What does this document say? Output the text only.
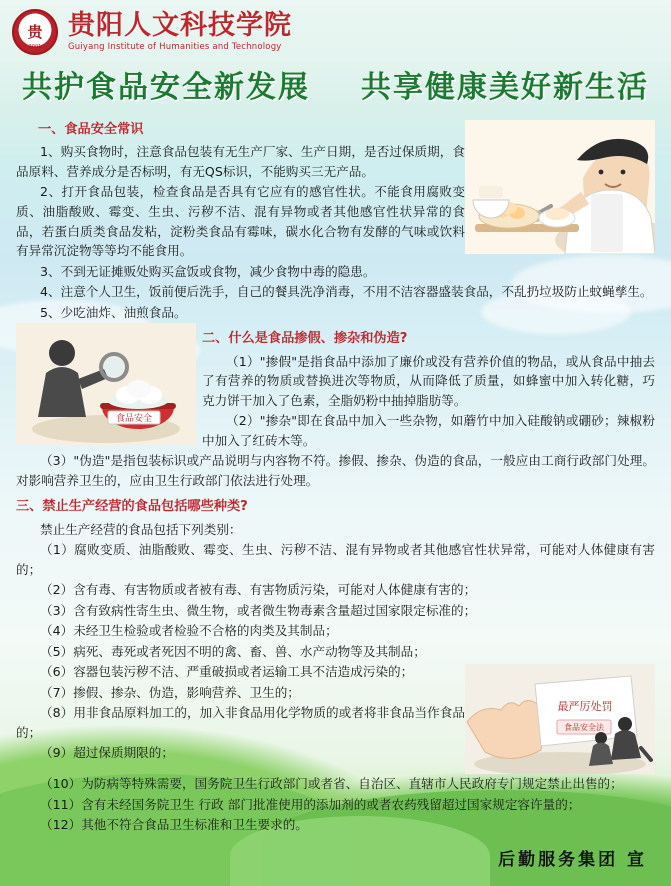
贵
2001
贵阳人文科技学院
Guiyang Institute of Humanities and Technology
共护食品安全新发展 共享健康美好新生活
一、食品安全常识

1、购买食物时，注意食品包装有无生产厂家、生产日期，是否过保质期，食品原料、营养成分是否标明，有无QS标识，不能购买三无产品。

2、打开食品包装，检查食品是否具有它应有的感官性状。不能食用腐败变质、油脂酸败、霉变、生虫、污秽不洁、混有异物或者其他感官性状异常的食品，若蛋白质类食品发粘，淀粉类食品有霉味，碳水化合物有发酵的气味或饮料有异常沉淀物等等均不能食用。

3、不到无证摊贩处购买盒饭或食物，减少食物中毒的隐患。

4、注意个人卫生，饭前便后洗手，自己的餐具洗净消毒，不用不洁容器盛装食品，不乱扔垃圾防止蚊蝇孳生。

5、少吃油炸、油煎食品。

食品安全
二、什么是食品掺假、掺杂和伪造?

（1）"掺假"是指食品中添加了廉价或没有营养价值的物品，或从食品中抽去了有营养的物质或替换进次等物质，从而降低了质量，如蜂蜜中加入转化糖，巧克力饼干加入了色素，全脂奶粉中抽掉脂肪等。

（2）"掺杂"即在食品中加入一些杂物，如蘑竹中加入硅酸钠或硼砂；辣椒粉中加入了红砖木等。

（3）"伪造"是指包装标识或产品说明与内容物不符。掺假、掺杂、伪造的食品，一般应由工商行政部门处理。对影响营养卫生的，应由卫生行政部门依法进行处理。

三、禁止生产经营的食品包括哪些种类?

禁止生产经营的食品包括下列类别：

（1）腐败变质、油脂酸败、霉变、生虫、污秽不洁、混有异物或者其他感官性状异常，可能对人体健康有害的；

（2）含有毒、有害物质或者被有毒、有害物质污染，可能对人体健康有害的；

（3）含有致病性寄生虫、微生物，或者微生物毒素含量超过国家限定标准的；

（4）未经卫生检验或者检验不合格的肉类及其制品；

（5）病死、毒死或者死因不明的禽、畜、兽、水产动物等及其制品；

最严厉处罚
食品安全法

（6）容器包装污秽不洁、严重破损或者运输工具不洁造成污染的；

（7）掺假、掺杂、伪造，影响营养、卫生的；

（8）用非食品原料加工的，加入非食品用化学物质的或者将非食品当作食品的；

（9）超过保质期限的；

（10）为防病等特殊需要，国务院卫生行政部门或者省、自治区、直辖市人民政府专门规定禁止出售的；

（11）含有未经国务院卫生 行政 部门批准使用的添加剂的或者农药残留超过国家规定容许量的；

（12）其他不符合食品卫生标准和卫生要求的。

后勤服务集团 宣
